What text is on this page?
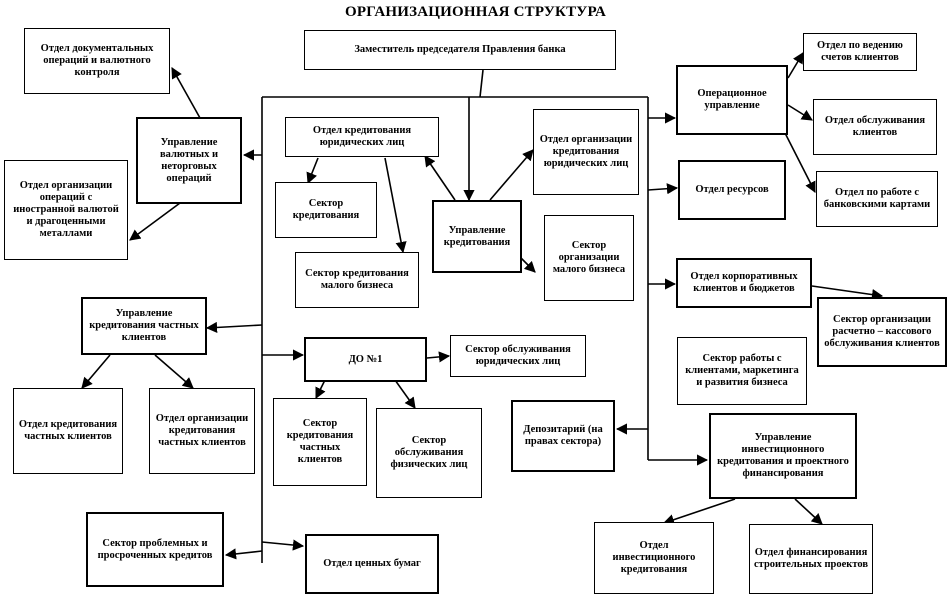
ОРГАНИЗАЦИОННАЯ СТРУКТУРА
Заместитель председателя Правления банка
Отдел документальных операций и валютного контроля
Отдел организации операций с иностранной валютой и драгоценными металлами
Управление валютных и неторговых операций
Отдел кредитования юридических лиц
Сектор кредитования
Сектор кредитования малого бизнеса
Отдел организации кредитования юридических лиц
Управление кредитования	Сектор организации малого бизнеса
Операционное управление
Отдел по ведению счетов клиентов
Отдел обслуживания клиентов
Отдел по работе с банковскими картами
Отдел ресурсов
Отдел корпоративных клиентов и бюджетов
Сектор организации расчетно – кассового обслуживания клиентов
Сектор работы с клиентами, маркетинга и развития бизнеса
Управление кредитования частных клиентов
Отдел кредитования частных клиентов
Отдел организации кредитования частных клиентов
ДО №1
Сектор обслуживания юридических лиц
Сектор кредитования частных клиентов
Сектор обслуживания физических лиц
Депозитарий (на правах сектора)	Управление инвестиционного кредитования и проектного финансирования
Отдел инвестиционного кредитования
Отдел финансирования строительных проектов
Сектор проблемных и просроченных кредитов
Отдел ценных бумаг
